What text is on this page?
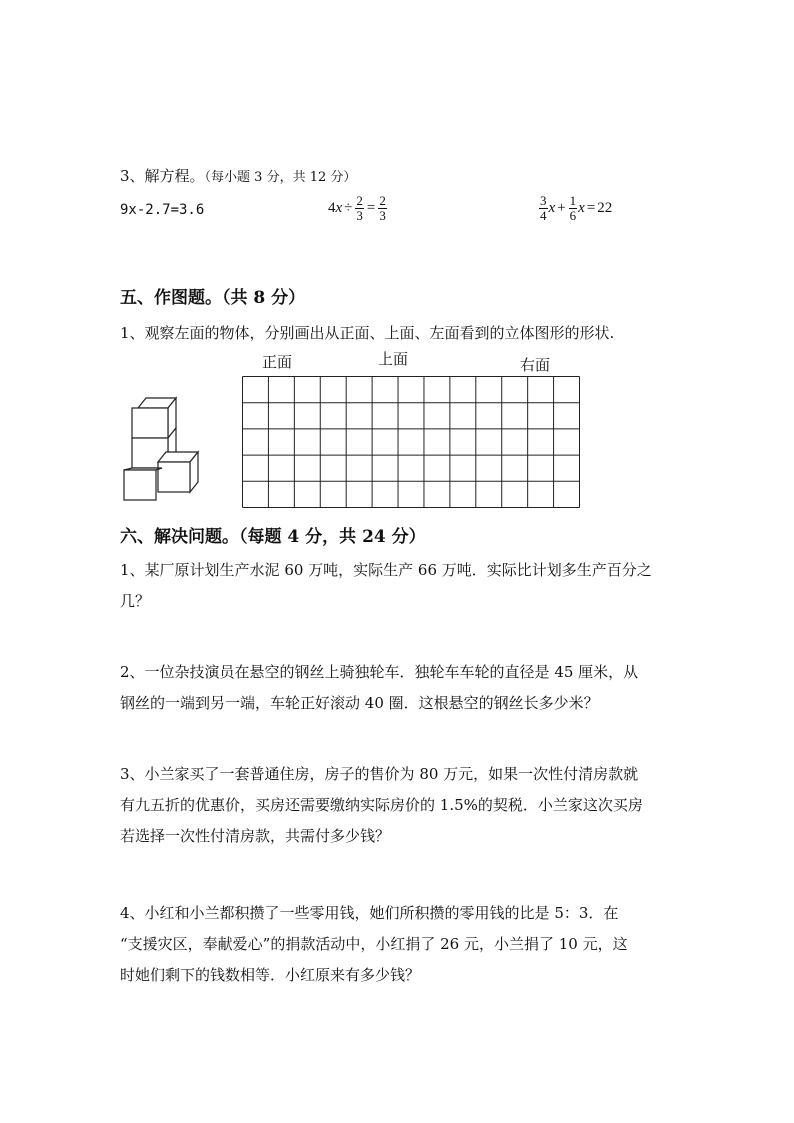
3、解方程。（每小题 3 分，共 12 分）
9x-2.7=3.6	$4x \div \frac{2}{3} = \frac{2}{3}$	$\frac{3}{4}$ $x + \frac{1}{6}$ x = 22
五、作图题。（共 8 分）
1、观察左面的物体，分别画出从正面、上面、左面看到的立体图形的形状.
正面	上面	右面
六、解决问题。（每题 4 分，共 24 分）
1、某厂原计划生产水泥 60 万吨，实际生产 66 万吨．实际比计划多生产百分之
几？
2、一位杂技演员在悬空的钢丝上骑独轮车．独轮车车轮的直径是 45 厘米，从
钢丝的一端到另一端，车轮正好滚动 40 圈．这根悬空的钢丝长多少米？
3、小兰家买了一套普通住房，房子的售价为 80 万元，如果一次性付清房款就
有九五折的优惠价，买房还需要缴纳实际房价的 1.5%的契税．小兰家这次买房
若选择一次性付清房款，共需付多少钱？
4、小红和小兰都积攒了一些零用钱，她们所积攒的零用钱的比是 5：3．在
“支援灾区，奉献爱心”的捐款活动中，小红捐了 26 元，小兰捐了 10 元，这
时她们剩下的钱数相等．小红原来有多少钱？
